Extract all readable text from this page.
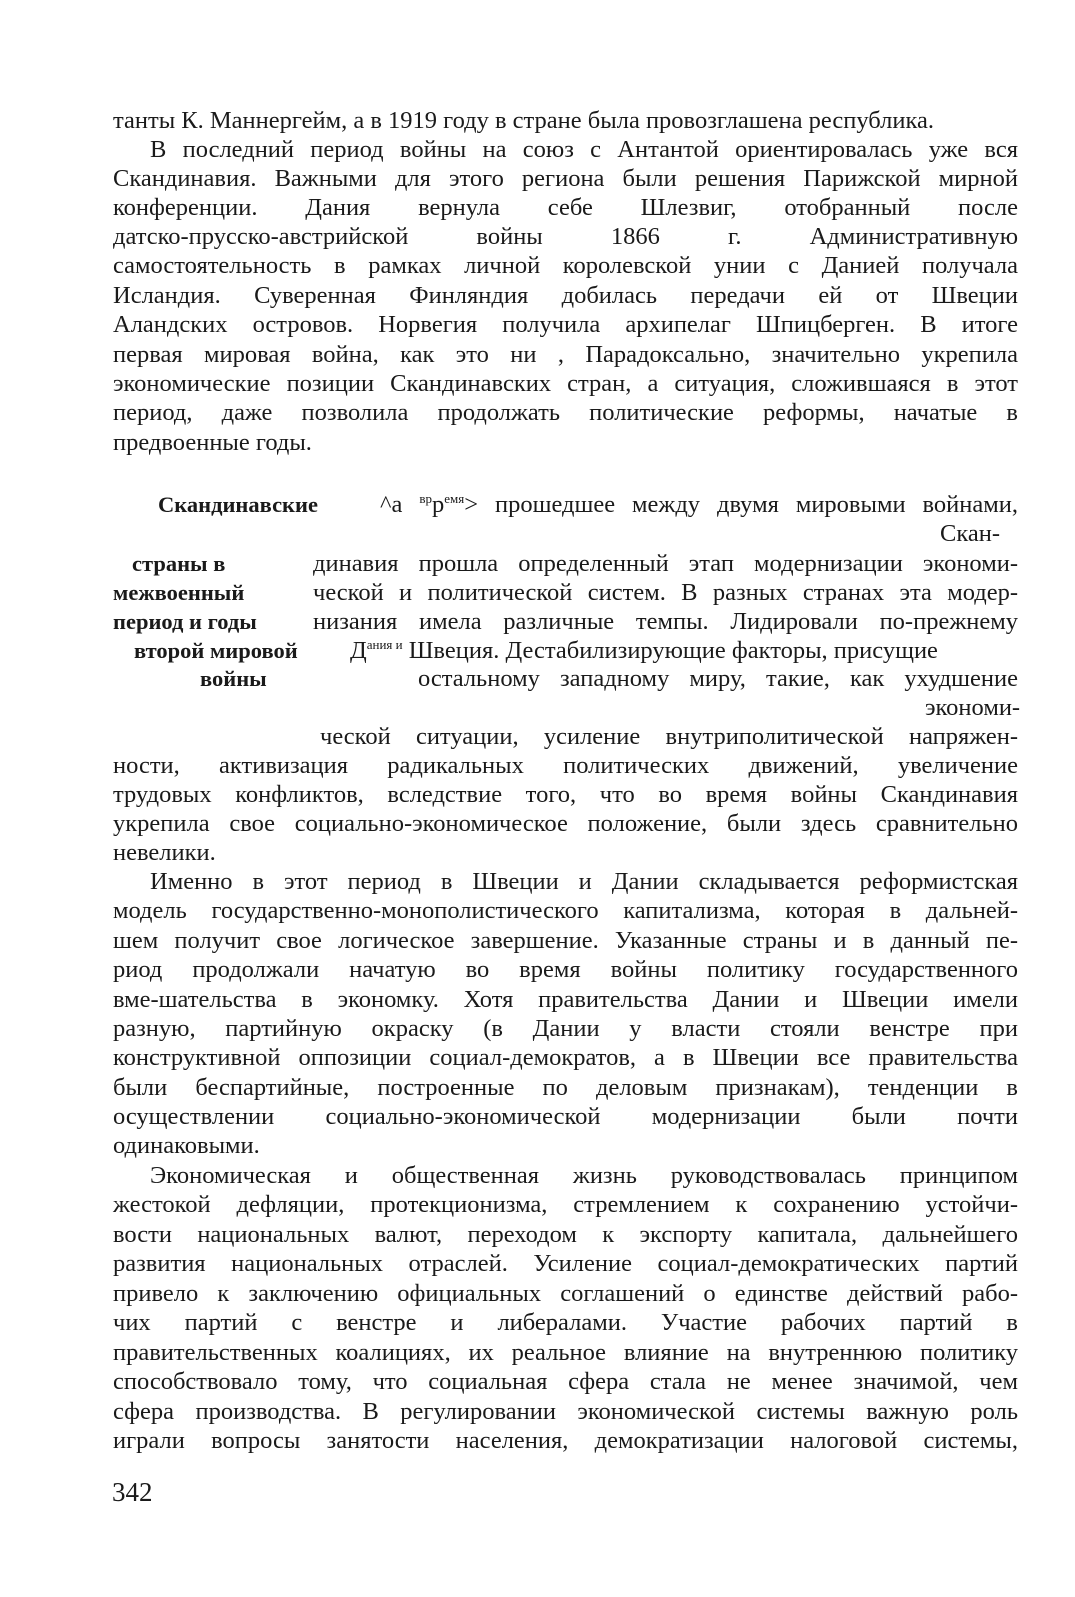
танты К. Маннергейм, а в 1919 году в стране была провозглашена республика.
В последний период войны на союз с Антантой ориентировалась уже вся
Скандинавия. Важными для этого региона были решения Парижской мирной
конференции. Дания вернула себе Шлезвиг, отобранный после
датско-прусско-австрийской войны 1866 г. Административную
самостоятельность в рамках личной королевской унии с Данией получала
Исландия. Суверенная Финляндия добилась передачи ей от Швеции
Аландских островов. Норвегия получила архипелаг Шпицберген. В итоге
первая мировая война, как это ни , Парадоксально, значительно укрепила
экономические позиции Скандинавских стран, а ситуация, сложившаяся в этот
период, даже позволила продолжать политические реформы, начатые в
предвоенные годы.
Скандинавские
страны в
межвоенный
период и годы
второй мировой
войны
^а $^{вр}р^{емя}>$ прошедшее между двумя мировыми войнами,
Скан-
динавия прошла определенный этап модернизации экономи-
ческой и политической систем. В разных странах эта модер-
низания имела различные темпы. Лидировали по-прежнему
$Д^{ания и}$ Швеция. Дестабилизирующие факторы, присущие
остальному западному миру, такие, как ухудшение
экономи-
ческой ситуации, усиление внутриполитической напряжен-
ности, активизация радикальных политических движений, увеличение
трудовых конфликтов, вследствие того, что во время войны Скандинавия
укрепила свое социально-экономическое положение, были здесь сравнительно
невелики.
Именно в этот период в Швеции и Дании складывается реформистская
модель государственно-монополистического капитализма, которая в дальней-
шем получит свое логическое завершение. Указанные страны и в данный пе-
риод продолжали начатую во время войны политику государственного
вме-шательства в экономку. Хотя правительства Дании и Швеции имели
разную, партийную окраску (в Дании у власти стояли венстре при
конструктивной оппозиции социал-демократов, а в Швеции все правительства
были беспартийные, построенные по деловым признакам), тенденции в
осуществлении социально-экономической модернизации были почти
одинаковыми.
Экономическая и общественная жизнь руководствовалась принципом
жестокой дефляции, протекционизма, стремлением к сохранению устойчи-
вости национальных валют, переходом к экспорту капитала, дальнейшего
развития национальных отраслей. Усиление социал-демократических партий
привело к заключению официальных соглашений о единстве действий рабо-
чих партий с венстре и либералами. Участие рабочих партий в
правительственных коалициях, их реальное влияние на внутреннюю политику
способствовало тому, что социальная сфера стала не менее значимой, чем
сфера производства. В регулировании экономической системы важную роль
играли вопросы занятости населения, демократизации налоговой системы,
342
